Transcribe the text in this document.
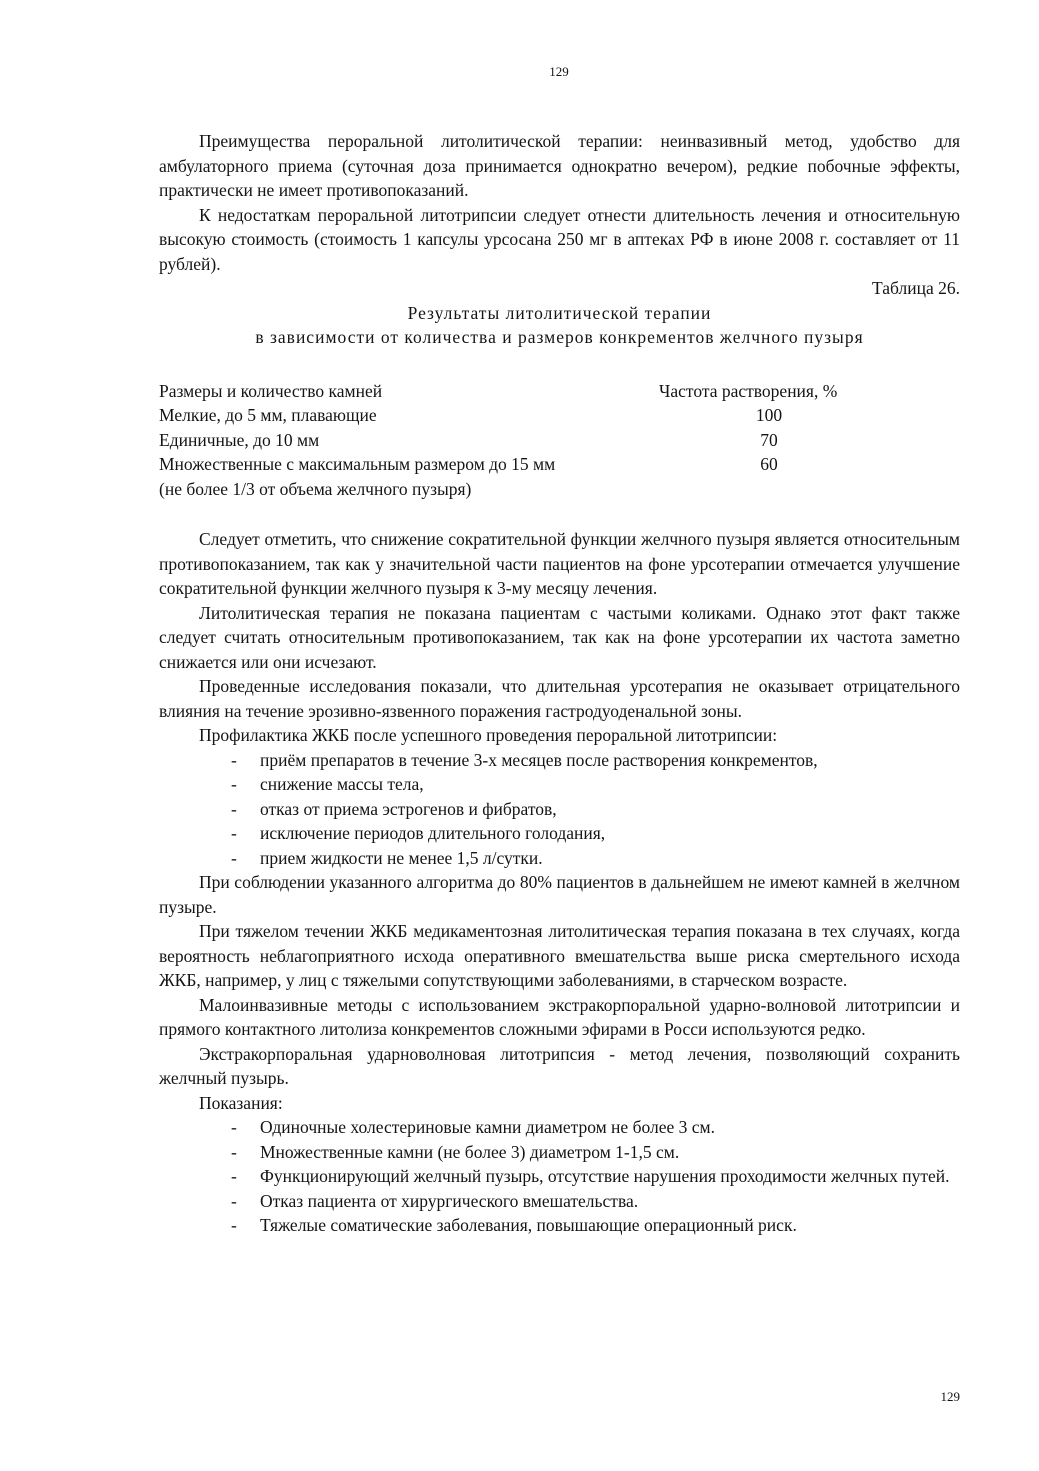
129

Преимущества пероральной литолитической терапии: неинвазивный метод, удобство для амбулаторного приема (суточная доза принимается однократно вечером), редкие побочные эффекты, практически не имеет противопоказаний.

К недостаткам пероральной литотрипсии следует отнести длительность лечения и относительную высокую стоимость (стоимость 1 капсулы урсосана 250 мг в аптеках РФ в июне 2008 г. составляет от 11 рублей).

Таблица 26.

Результаты литолитической терапии

в зависимости от количества и размеров конкрементов желчного пузыря

Размеры и количество камней	Частота растворения, %
Мелкие, до 5 мм, плавающие	100
Единичные, до 10 мм	70
Множественные с максимальным размером до 15 мм	60
(не более 1/3 от объема желчного пузыря)

Следует отметить, что снижение сократительной функции желчного пузыря является относительным противопоказанием, так как у значительной части пациентов на фоне урсотерапии отмечается улучшение сократительной функции желчного пузыря к 3-му месяцу лечения.

Литолитическая терапия не показана пациентам с частыми коликами. Однако этот факт также следует считать относительным противопоказанием, так как на фоне урсотерапии их частота заметно снижается или они исчезают.

Проведенные исследования показали, что длительная урсотерапия не оказывает отрицательного влияния на течение эрозивно-язвенного поражения гастродуоденальной зоны.

Профилактика ЖКБ после успешного проведения пероральной литотрипсии:

- приём препаратов в течение 3-х месяцев после растворения конкрементов,
- снижение массы тела,
- отказ от приема эстрогенов и фибратов,
- исключение периодов длительного голодания,
- прием жидкости не менее 1,5 л/сутки.

При соблюдении указанного алгоритма до 80% пациентов в дальнейшем не имеют камней в желчном пузыре.

При тяжелом течении ЖКБ медикаментозная литолитическая терапия показана в тех случаях, когда вероятность неблагоприятного исхода оперативного вмешательства выше риска смертельного исхода ЖКБ, например, у лиц с тяжелыми сопутствующими заболеваниями, в старческом возрасте.

Малоинвазивные методы с использованием экстракорпоральной ударно-волновой литотрипсии и прямого контактного литолиза конкрементов сложными эфирами в Росси используются редко.

Экстракорпоральная ударноволновая литотрипсия - метод лечения, позволяющий сохранить желчный пузырь.

Показания:

- Одиночные холестериновые камни диаметром не более 3 см.
- Множественные камни (не более 3) диаметром 1-1,5 см.
- Функционирующий желчный пузырь, отсутствие нарушения проходимости желчных путей.
- Отказ пациента от хирургического вмешательства.
- Тяжелые соматические заболевания, повышающие операционный риск.
129
